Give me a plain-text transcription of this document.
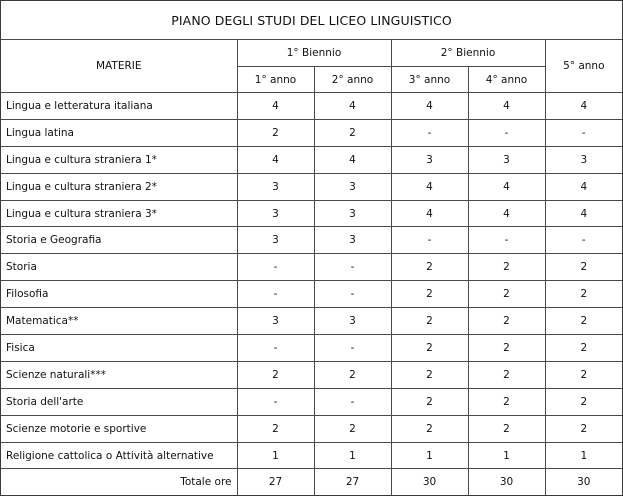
PIANO DEGLI STUDI DEL LICEO LINGUISTICO					
MATERIE	1° Biennio		2° Biennio		5° anno
	1° anno	2° anno	3° anno	4° anno	
Lingua e letteratura italiana	4	4	4	4	4
Lingua latina	2	2	-	-	-
Lingua e cultura straniera 1*	4	4	3	3	3
Lingua e cultura straniera 2*	3	3	4	4	4
Lingua e cultura straniera 3*	3	3	4	4	4
Storia e Geografia	3	3	-	-	-
Storia	-	-	2	2	2
Filosofia	-	-	2	2	2
Matematica**	3	3	2	2	2
Fisica	-	-	2	2	2
Scienze naturali***	2	2	2	2	2
Storia dell'arte	-	-	2	2	2
Scienze motorie e sportive	2	2	2	2	2
Religione cattolica o Attività alternative	1	1	1	1	1
Totale ore	27	27	30	30	30
